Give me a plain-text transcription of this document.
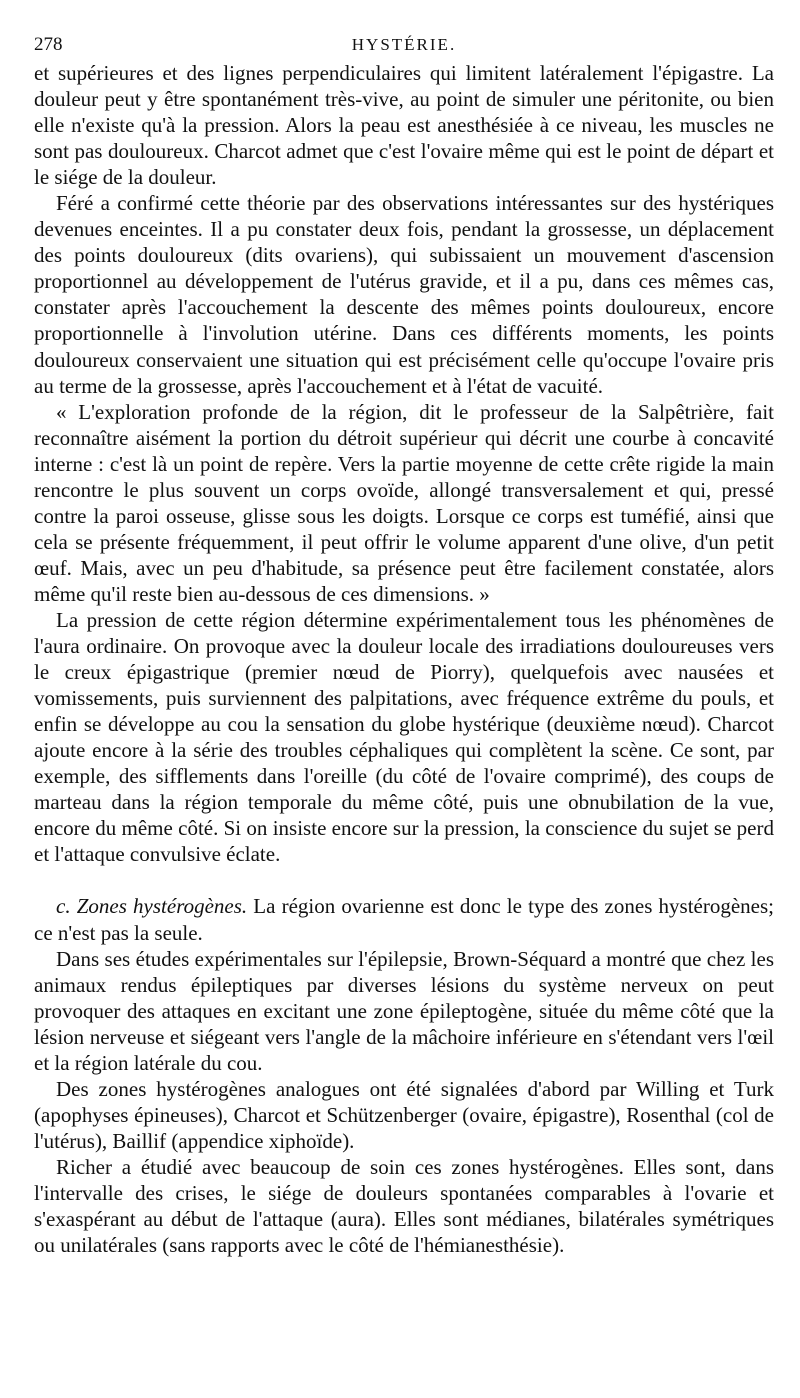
278	HYSTÉRIE.

et supérieures et des lignes perpendiculaires qui limitent latéralement l'épigastre. La douleur peut y être spontanément très-vive, au point de simuler une péritonite, ou bien elle n'existe qu'à la pression. Alors la peau est anesthésiée à ce niveau, les muscles ne sont pas douloureux. Charcot admet que c'est l'ovaire même qui est le point de départ et le siége de la douleur.

Féré a confirmé cette théorie par des observations intéressantes sur des hystériques devenues enceintes. Il a pu constater deux fois, pendant la grossesse, un déplacement des points douloureux (dits ovariens), qui subissaient un mouvement d'ascension proportionnel au développement de l'utérus gravide, et il a pu, dans ces mêmes cas, constater après l'accouchement la descente des mêmes points douloureux, encore proportionnelle à l'involution utérine. Dans ces différents moments, les points douloureux conservaient une situation qui est précisément celle qu'occupe l'ovaire pris au terme de la grossesse, après l'accouchement et à l'état de vacuité.

« L'exploration profonde de la région, dit le professeur de la Salpêtrière, fait reconnaître aisément la portion du détroit supérieur qui décrit une courbe à concavité interne : c'est là un point de repère. Vers la partie moyenne de cette crête rigide la main rencontre le plus souvent un corps ovoïde, allongé transversalement et qui, pressé contre la paroi osseuse, glisse sous les doigts. Lorsque ce corps est tuméfié, ainsi que cela se présente fréquemment, il peut offrir le volume apparent d'une olive, d'un petit œuf. Mais, avec un peu d'habitude, sa présence peut être facilement constatée, alors même qu'il reste bien au-dessous de ces dimensions. »

La pression de cette région détermine expérimentalement tous les phénomènes de l'aura ordinaire. On provoque avec la douleur locale des irradiations douloureuses vers le creux épigastrique (premier nœud de Piorry), quelquefois avec nausées et vomissements, puis surviennent des palpitations, avec fréquence extrême du pouls, et enfin se développe au cou la sensation du globe hystérique (deuxième nœud). Charcot ajoute encore à la série des troubles céphaliques qui complètent la scène. Ce sont, par exemple, des sifflements dans l'oreille (du côté de l'ovaire comprimé), des coups de marteau dans la région temporale du même côté, puis une obnubilation de la vue, encore du même côté. Si on insiste encore sur la pression, la conscience du sujet se perd et l'attaque convulsive éclate.

c. Zones hystérogènes. La région ovarienne est donc le type des zones hystérogènes; ce n'est pas la seule.

Dans ses études expérimentales sur l'épilepsie, Brown-Séquard a montré que chez les animaux rendus épileptiques par diverses lésions du système nerveux on peut provoquer des attaques en excitant une zone épileptogène, située du même côté que la lésion nerveuse et siégeant vers l'angle de la mâchoire inférieure en s'étendant vers l'œil et la région latérale du cou.

Des zones hystérogènes analogues ont été signalées d'abord par Willing et Turk (apophyses épineuses), Charcot et Schützenberger (ovaire, épigastre), Rosenthal (col de l'utérus), Baillif (appendice xiphoïde).

Richer a étudié avec beaucoup de soin ces zones hystérogènes. Elles sont, dans l'intervalle des crises, le siége de douleurs spontanées comparables à l'ovarie et s'exaspérant au début de l'attaque (aura). Elles sont médianes, bilatérales symétriques ou unilatérales (sans rapports avec le côté de l'hémianesthésie).
